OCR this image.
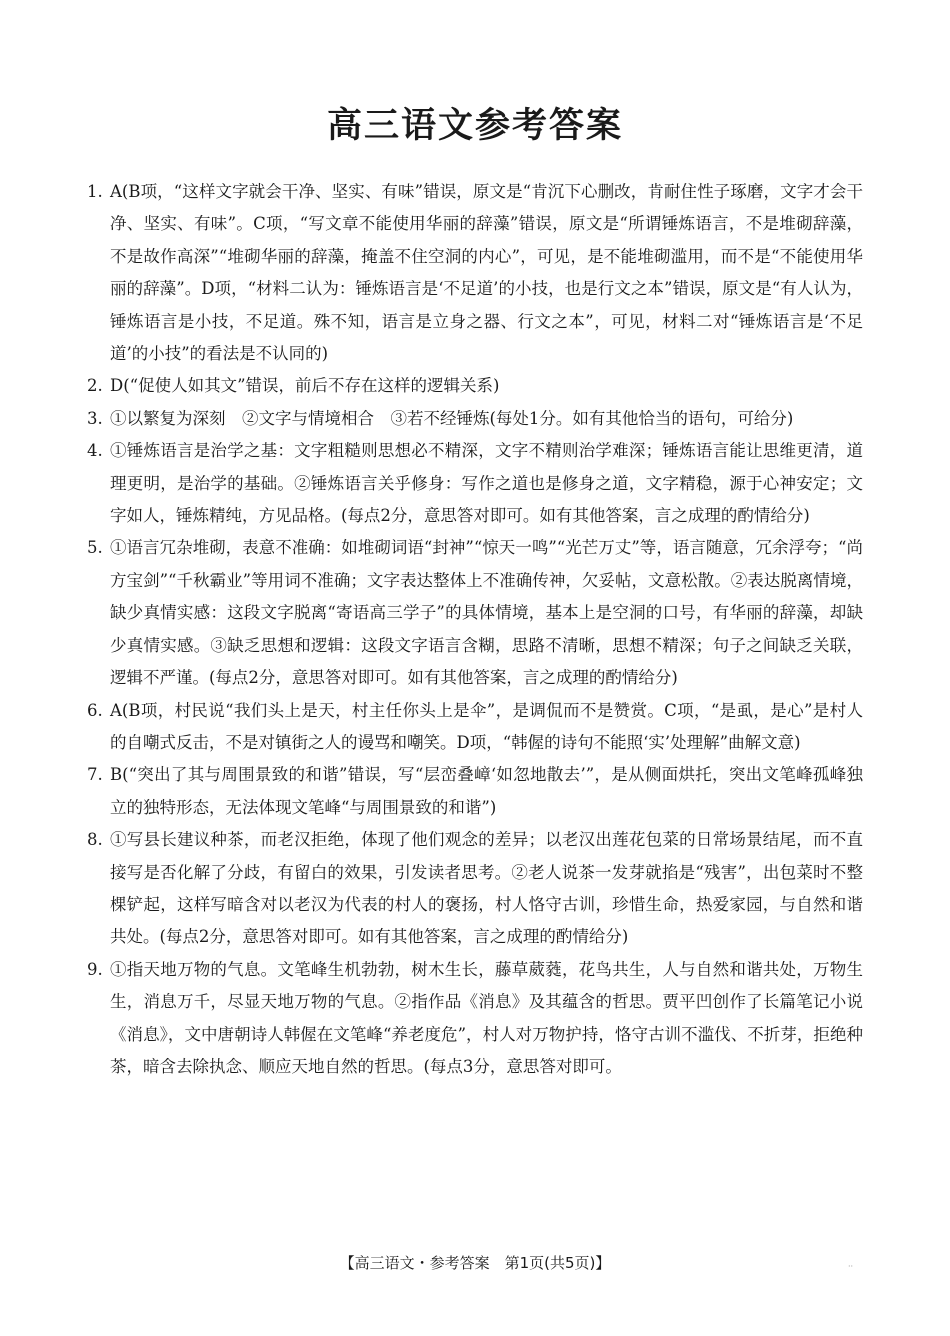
高三语文参考答案
1. A(B项，“这样文字就会干净、坚实、有味”错误，原文是“肯沉下心删改，肯耐住性子琢磨，文字才会干净、坚实、有味”。C项，“写文章不能使用华丽的辞藻”错误，原文是“所谓锤炼语言，不是堆砌辞藻，不是故作高深”“堆砌华丽的辞藻，掩盖不住空洞的内心”，可见，是不能堆砌滥用，而不是“不能使用华丽的辞藻”。D项，“材料二认为：锤炼语言是‘不足道’的小技，也是行文之本”错误，原文是“有人认为，锤炼语言是小技，不足道。殊不知，语言是立身之器、行文之本”，可见，材料二对“锤炼语言是‘不足道’的小技”的看法是不认同的)
2. D(“促使人如其文”错误，前后不存在这样的逻辑关系)
3. ①以繁复为深刻　②文字与情境相合　③若不经锤炼(每处1分。如有其他恰当的语句，可给分)
4. ①锤炼语言是治学之基：文字粗糙则思想必不精深，文字不精则治学难深；锤炼语言能让思维更清，道理更明，是治学的基础。②锤炼语言关乎修身：写作之道也是修身之道，文字精稳，源于心神安定；文字如人，锤炼精纯，方见品格。(每点2分，意思答对即可。如有其他答案，言之成理的酌情给分)
5. ①语言冗杂堆砌，表意不准确：如堆砌词语“封神”“惊天一鸣”“光芒万丈”等，语言随意，冗余浮夸；“尚方宝剑”“千秋霸业”等用词不准确；文字表达整体上不准确传神，欠妥帖，文意松散。②表达脱离情境，缺少真情实感：这段文字脱离“寄语高三学子”的具体情境，基本上是空洞的口号，有华丽的辞藻，却缺少真情实感。③缺乏思想和逻辑：这段文字语言含糊，思路不清晰，思想不精深；句子之间缺乏关联，逻辑不严谨。(每点2分，意思答对即可。如有其他答案，言之成理的酌情给分)
6. A(B项，村民说“我们头上是天，村主任你头上是伞”，是调侃而不是赞赏。C项，“是虱，是心”是村人的自嘲式反击，不是对镇街之人的谩骂和嘲笑。D项，“韩偓的诗句不能照‘实’处理解”曲解文意)
7. B(“突出了其与周围景致的和谐”错误，写“层峦叠嶂‘如忽地散去’”，是从侧面烘托，突出文笔峰孤峰独立的独特形态，无法体现文笔峰“与周围景致的和谐”)
8. ①写县长建议种茶，而老汉拒绝，体现了他们观念的差异；以老汉出莲花包菜的日常场景结尾，而不直接写是否化解了分歧，有留白的效果，引发读者思考。②老人说茶一发芽就掐是“残害”，出包菜时不整棵铲起，这样写暗含对以老汉为代表的村人的褒扬，村人恪守古训，珍惜生命，热爱家园，与自然和谐共处。(每点2分，意思答对即可。如有其他答案，言之成理的酌情给分)
9. ①指天地万物的气息。文笔峰生机勃勃，树木生长，藤草葳蕤，花鸟共生，人与自然和谐共处，万物生生，消息万千，尽显天地万物的气息。②指作品《消息》及其蕴含的哲思。贾平凹创作了长篇笔记小说《消息》，文中唐朝诗人韩偓在文笔峰“养老度危”，村人对万物护持，恪守古训不滥伐、不折芽，拒绝种茶，暗含去除执念、顺应天地自然的哲思。(每点3分，意思答对即可。
【高三语文・参考答案　第1页(共5页)】	··
